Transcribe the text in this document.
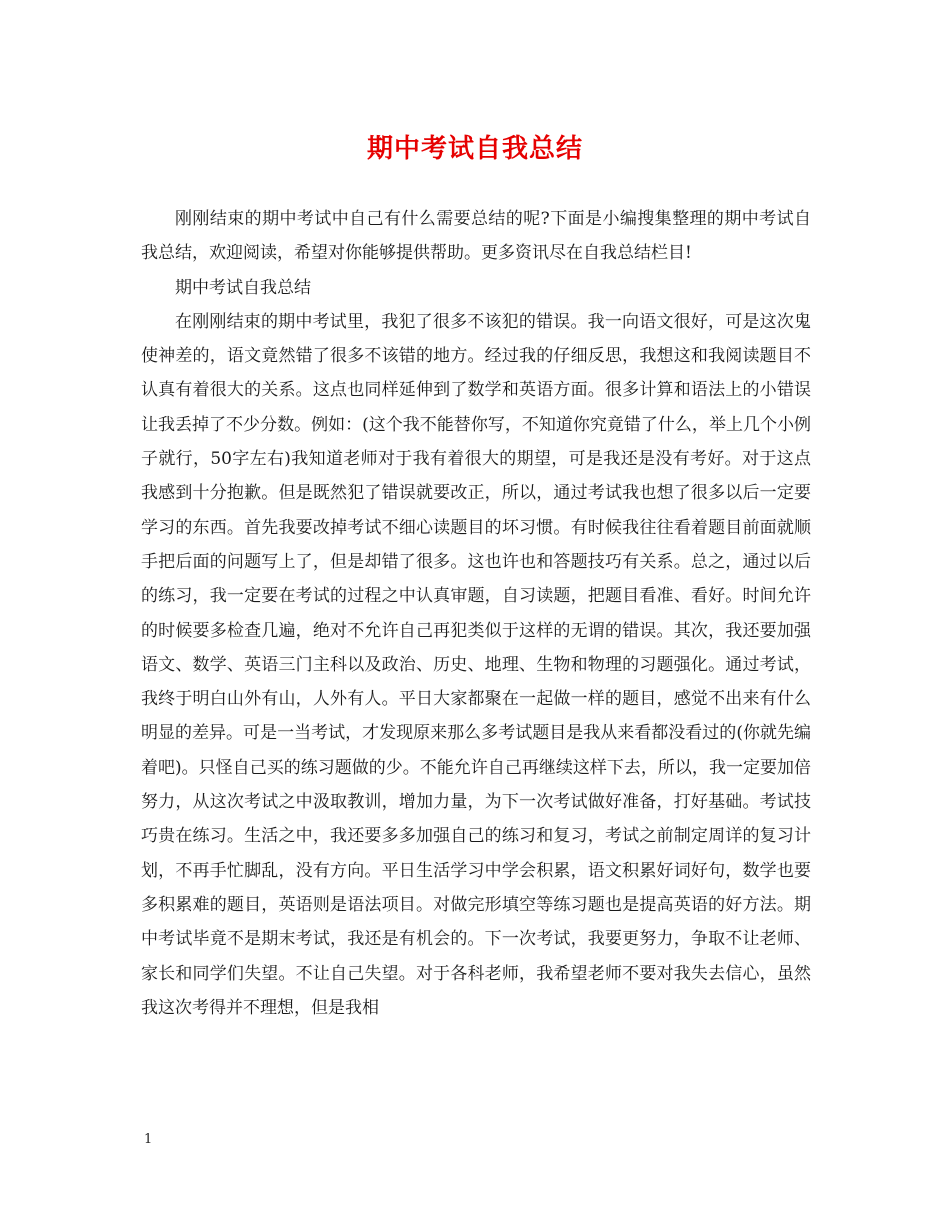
期中考试自我总结

刚刚结束的期中考试中自己有什么需要总结的呢?下面是小编搜集整理的期中考试自我总结，欢迎阅读，希望对你能够提供帮助。更多资讯尽在自我总结栏目!

期中考试自我总结

在刚刚结束的期中考试里，我犯了很多不该犯的错误。我一向语文很好，可是这次鬼使神差的，语文竟然错了很多不该错的地方。经过我的仔细反思，我想这和我阅读题目不认真有着很大的关系。这点也同样延伸到了数学和英语方面。很多计算和语法上的小错误让我丢掉了不少分数。例如：(这个我不能替你写，不知道你究竟错了什么，举上几个小例子就行，50字左右)我知道老师对于我有着很大的期望，可是我还是没有考好。对于这点我感到十分抱歉。但是既然犯了错误就要改正，所以，通过考试我也想了很多以后一定要学习的东西。首先我要改掉考试不细心读题目的坏习惯。有时候我往往看着题目前面就顺手把后面的问题写上了，但是却错了很多。这也许也和答题技巧有关系。总之，通过以后的练习，我一定要在考试的过程之中认真审题，自习读题，把题目看准、看好。时间允许的时候要多检查几遍，绝对不允许自己再犯类似于这样的无谓的错误。其次，我还要加强语文、数学、英语三门主科以及政治、历史、地理、生物和物理的习题强化。通过考试，我终于明白山外有山，人外有人。平日大家都聚在一起做一样的题目，感觉不出来有什么明显的差异。可是一当考试，才发现原来那么多考试题目是我从来看都没看过的(你就先编着吧)。只怪自己买的练习题做的少。不能允许自己再继续这样下去，所以，我一定要加倍努力，从这次考试之中汲取教训，增加力量，为下一次考试做好准备，打好基础。考试技巧贵在练习。生活之中，我还要多多加强自己的练习和复习，考试之前制定周详的复习计划，不再手忙脚乱，没有方向。平日生活学习中学会积累，语文积累好词好句，数学也要多积累难的题目，英语则是语法项目。对做完形填空等练习题也是提高英语的好方法。期中考试毕竟不是期末考试，我还是有机会的。下一次考试，我要更努力，争取不让老师、家长和同学们失望。不让自己失望。对于各科老师，我希望老师不要对我失去信心，虽然我这次考得并不理想，但是我相

1
